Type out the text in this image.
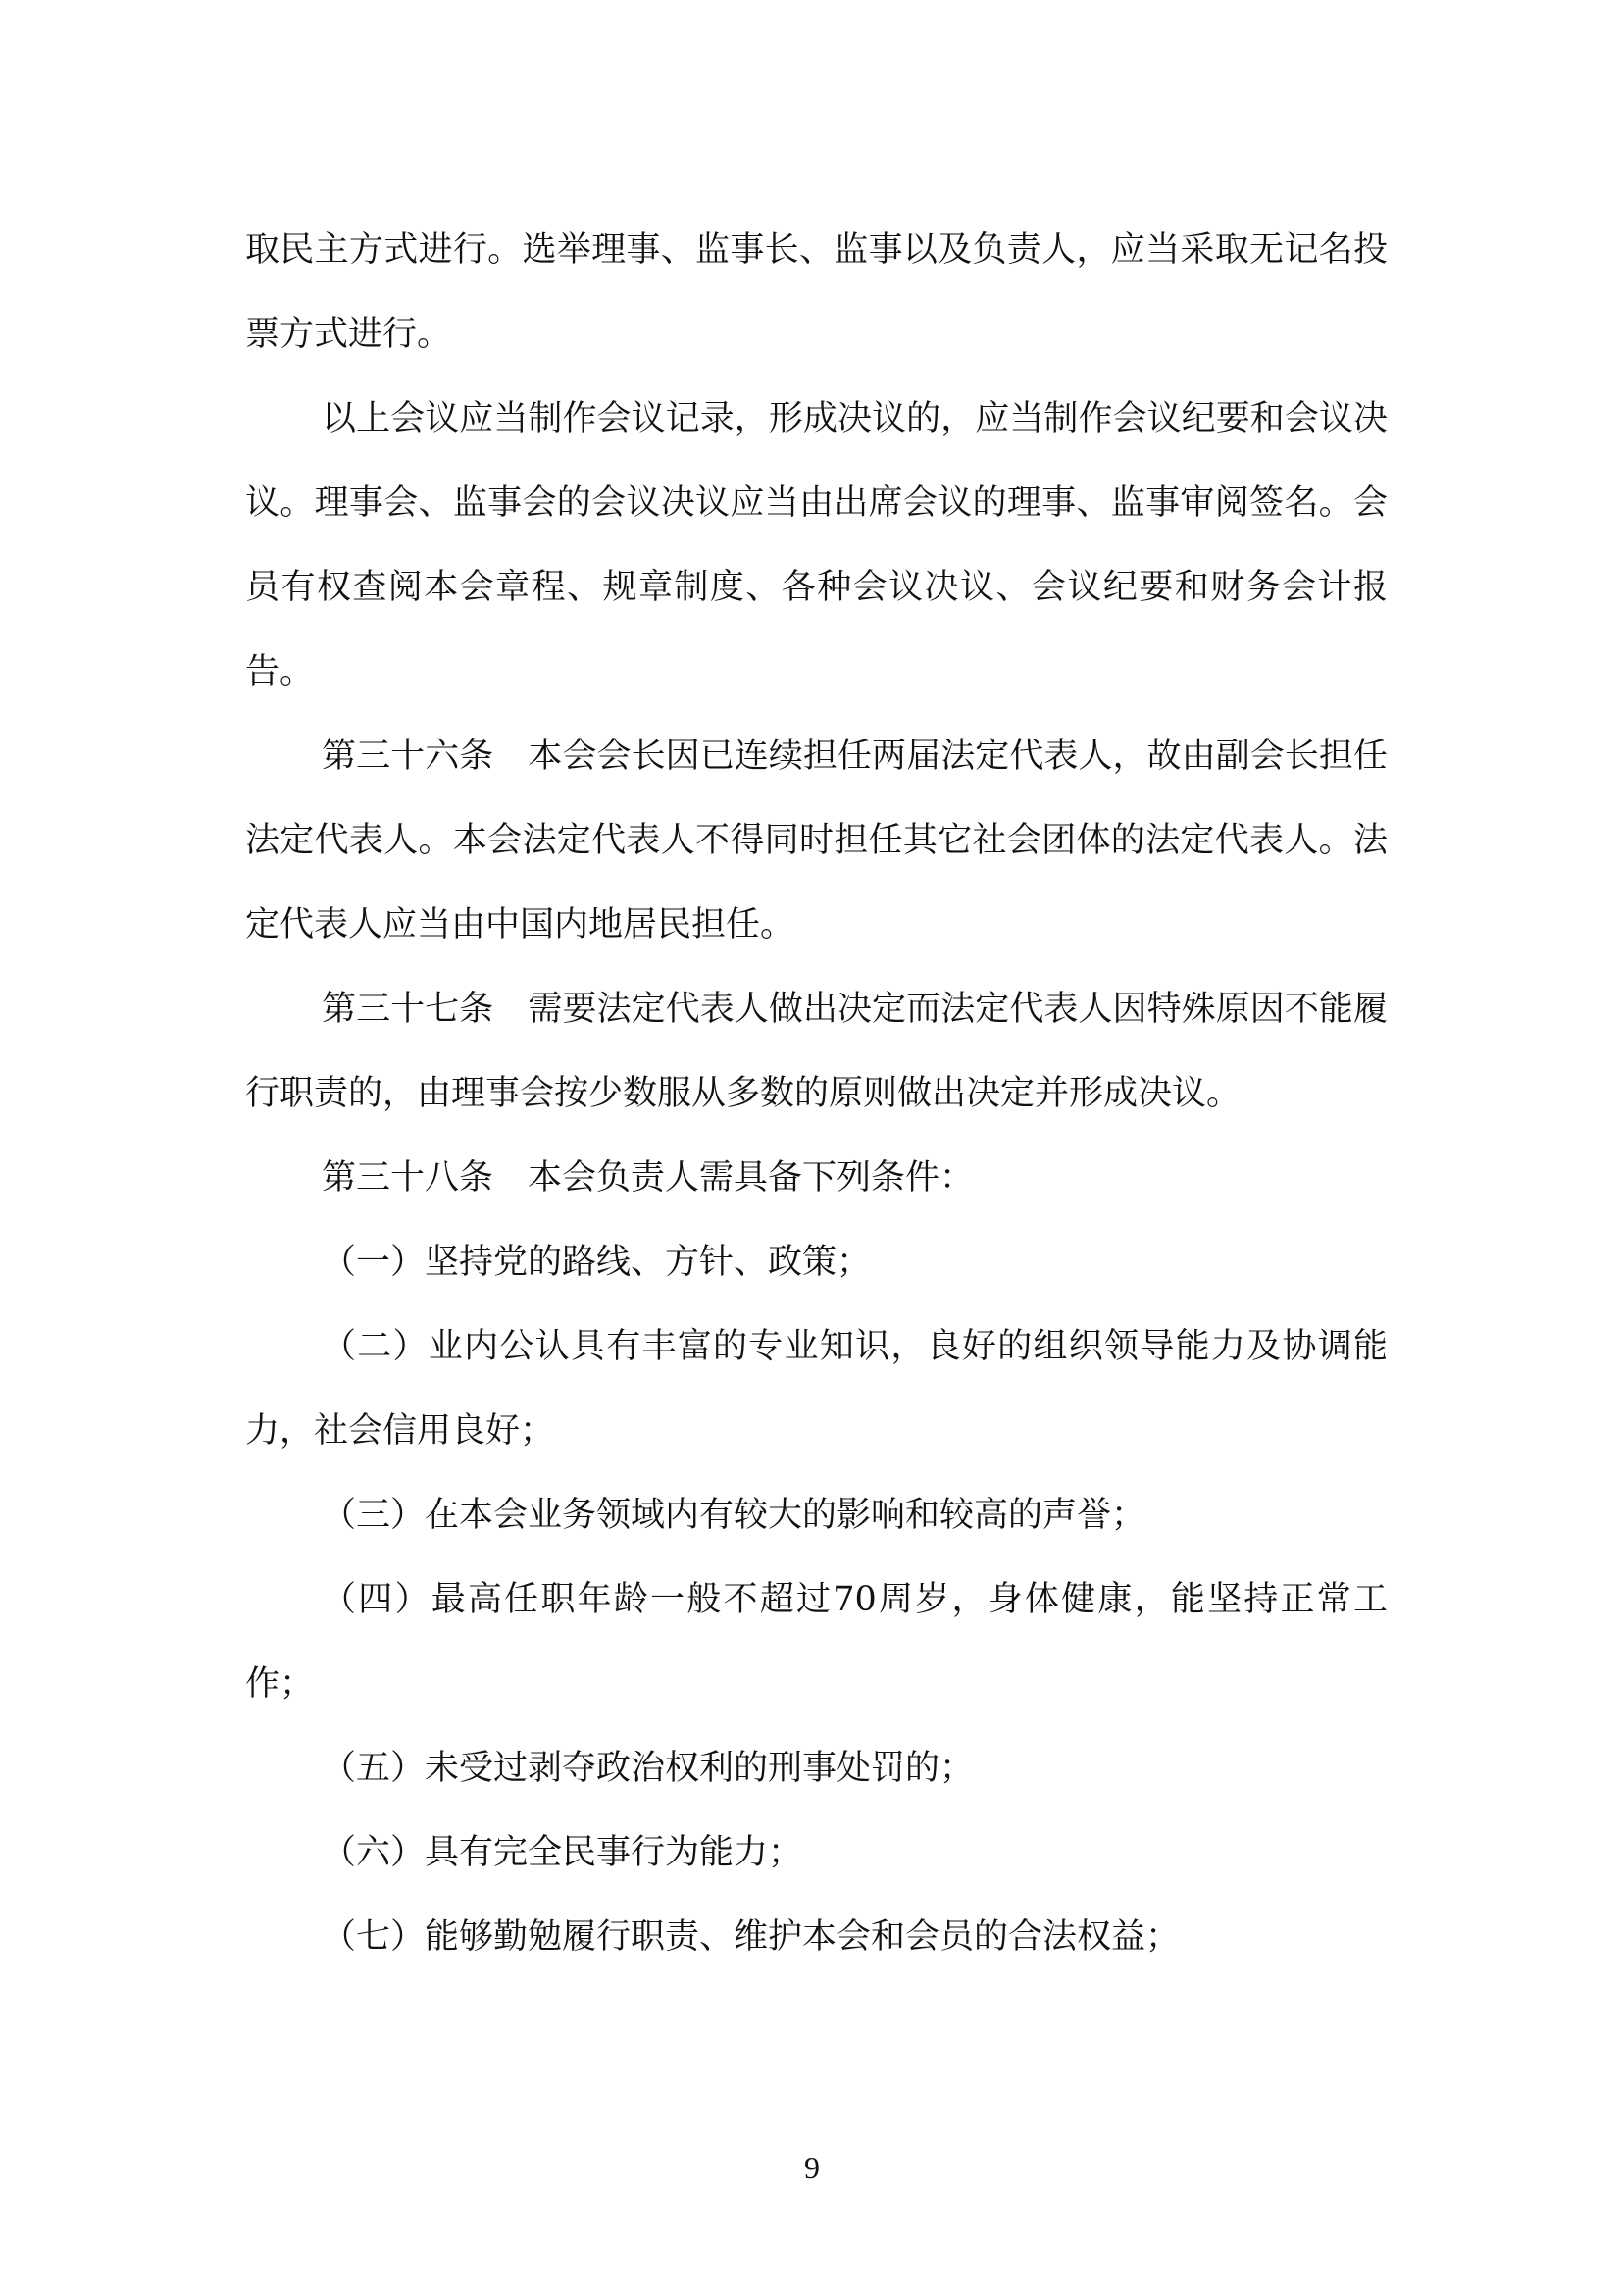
取民主方式进行。选举理事、监事长、监事以及负责人，应当采取无记名投票方式进行。

以上会议应当制作会议记录，形成决议的，应当制作会议纪要和会议决议。理事会、监事会的会议决议应当由出席会议的理事、监事审阅签名。会员有权查阅本会章程、规章制度、各种会议决议、会议纪要和财务会计报告。

第三十六条　本会会长因已连续担任两届法定代表人，故由副会长担任法定代表人。本会法定代表人不得同时担任其它社会团体的法定代表人。法定代表人应当由中国内地居民担任。

第三十七条　需要法定代表人做出决定而法定代表人因特殊原因不能履行职责的，由理事会按少数服从多数的原则做出决定并形成决议。

第三十八条　本会负责人需具备下列条件：

（一）坚持党的路线、方针、政策；

（二）业内公认具有丰富的专业知识，良好的组织领导能力及协调能力，社会信用良好；

（三）在本会业务领域内有较大的影响和较高的声誉；

（四）最高任职年龄一般不超过70周岁，身体健康，能坚持正常工作；

（五）未受过剥夺政治权利的刑事处罚的；

（六）具有完全民事行为能力；

（七）能够勤勉履行职责、维护本会和会员的合法权益；

9
